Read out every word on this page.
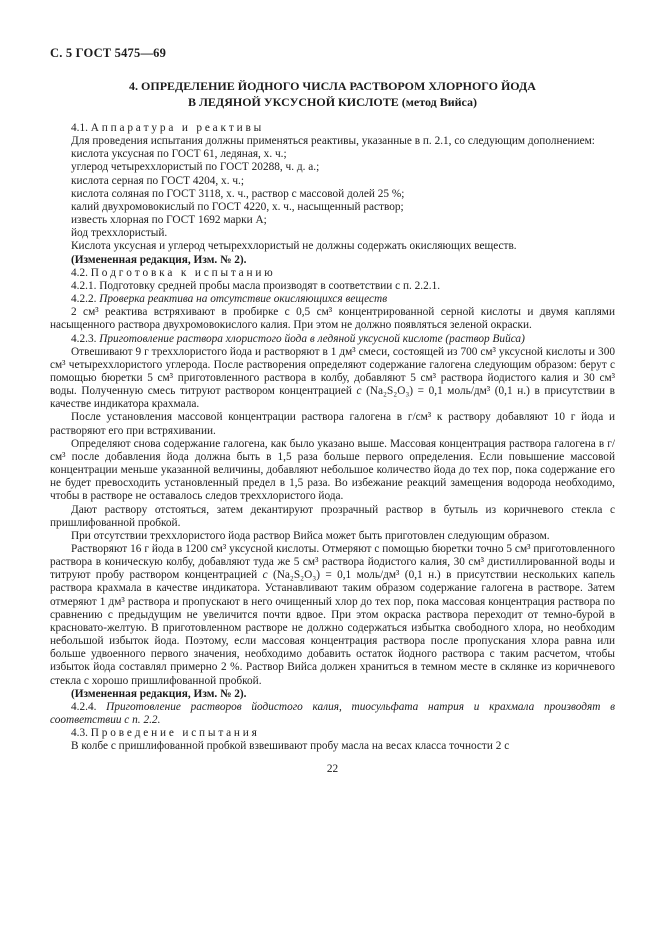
С. 5 ГОСТ 5475—69
4. ОПРЕДЕЛЕНИЕ ЙОДНОГО ЧИСЛА РАСТВОРОМ ХЛОРНОГО ЙОДА
В ЛЕДЯНОЙ УКСУСНОЙ КИСЛОТЕ (метод Вийса)

4.1. А п п а р а т у р а   и   р е а к т и в ы

Для проведения испытания должны применяться реактивы, указанные в п. 2.1, со следующим дополнением:

кислота уксусная по ГОСТ 61, ледяная, х. ч.;

углерод четыреххлористый по ГОСТ 20288, ч. д. а.;

кислота серная по ГОСТ 4204, х. ч.;

кислота соляная по ГОСТ 3118, х. ч., раствор с массовой долей 25 %;

калий двухромовокислый по ГОСТ 4220, х. ч., насыщенный раствор;

известь хлорная по ГОСТ 1692 марки А;

йод треххлористый.

Кислота уксусная и углерод четыреххлористый не должны содержать окисляющих веществ.

(Измененная редакция, Изм. № 2).

4.2. П о д г о т о в к а   к   и с п ы т а н и ю

4.2.1. Подготовку средней пробы масла производят в соответствии с п. 2.2.1.

4.2.2. Проверка реактива на отсутствие окисляющихся веществ

2 см³ реактива встряхивают в пробирке с 0,5 см³ концентрированной серной кислоты и двумя каплями насыщенного раствора двухромовокислого калия. При этом не должно появляться зеленой окраски.

4.2.3. Приготовление раствора хлористого йода в ледяной уксусной кислоте (раствор Вийса)

Отвешивают 9 г треххлористого йода и растворяют в 1 дм³ смеси, состоящей из 700 см³ уксусной кислоты и 300 см³ четыреххлористого углерода. После растворения определяют содержание галогена следующим образом: берут с помощью бюретки 5 см³ приготовленного раствора в колбу, добавляют 5 см³ раствора йодистого калия и 30 см³ воды. Полученную смесь титруют раствором концентрацией с (Na₂S₂O₃) = 0,1 моль/дм³ (0,1 н.) в присутствии в качестве индикатора крахмала.

После установления массовой концентрации раствора галогена в г/см³ к раствору добавляют 10 г йода и растворяют его при встряхивании.

Определяют снова содержание галогена, как было указано выше. Массовая концентрация раствора галогена в г/см³ после добавления йода должна быть в 1,5 раза больше первого определения. Если повышение массовой концентрации меньше указанной величины, добавляют небольшое количество йода до тех пор, пока содержание его не будет превосходить установленный предел в 1,5 раза. Во избежание реакций замещения водорода необходимо, чтобы в растворе не оставалось следов треххлористого йода.

Дают раствору отстояться, затем декантируют прозрачный раствор в бутыль из коричневого стекла с пришлифованной пробкой.

При отсутствии треххлористого йода раствор Вийса может быть приготовлен следующим образом.

Растворяют 16 г йода в 1200 см³ уксусной кислоты. Отмеряют с помощью бюретки точно 5 см³ приготовленного раствора в коническую колбу, добавляют туда же 5 см³ раствора йодистого калия, 30 см³ дистиллированной воды и титруют пробу раствором концентрацией с (Na₂S₂O₃) = 0,1 моль/дм³ (0,1 н.) в присутствии нескольких капель раствора крахмала в качестве индикатора. Устанавливают таким образом содержание галогена в растворе. Затем отмеряют 1 дм³ раствора и пропускают в него очищенный хлор до тех пор, пока массовая концентрация раствора по сравнению с предыдущим не увеличится почти вдвое. При этом окраска раствора переходит от темно-бурой в красновато-желтую. В приготовленном растворе не должно содержаться избытка свободного хлора, но необходим небольшой избыток йода. Поэтому, если массовая концентрация раствора после пропускания хлора равна или больше удвоенного первого значения, необходимо добавить остаток йодного раствора с таким расчетом, чтобы избыток йода составлял примерно 2 %. Раствор Вийса должен храниться в темном месте в склянке из коричневого стекла с хорошо пришлифованной пробкой.

(Измененная редакция, Изм. № 2).

4.2.4. Приготовление растворов йодистого калия, тиосульфата натрия и крахмала производят в соответствии с п. 2.2.

4.3. П р о в е д е н и е   и с п ы т а н и я

В колбе с пришлифованной пробкой взвешивают пробу масла на весах класса точности 2 с

22
